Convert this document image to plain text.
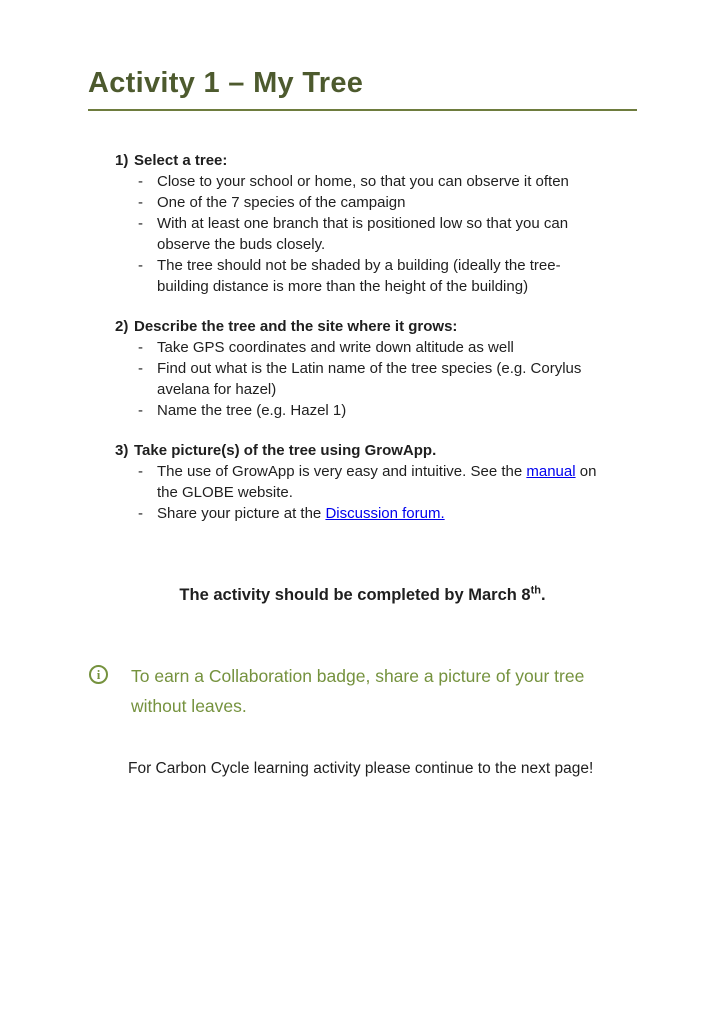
Activity 1 – My Tree
1) Select a tree:
- Close to your school or home, so that you can observe it often
- One of the 7 species of the campaign
- With at least one branch that is positioned low so that you can
observe the buds closely.
- The tree should not be shaded by a building (ideally the tree-
building distance is more than the height of the building)
2) Describe the tree and the site where it grows:
- Take GPS coordinates and write down altitude as well
- Find out what is the Latin name of the tree species (e.g. Corylus
avelana for hazel)
- Name the tree (e.g. Hazel 1)
3) Take picture(s) of the tree using GrowApp.
- The use of GrowApp is very easy and intuitive. See the manual on
the GLOBE website.
- Share your picture at the Discussion forum.
The activity should be completed by March 8th.
i	To earn a Collaboration badge, share a picture of your tree
without leaves.
For Carbon Cycle learning activity please continue to the next page!
